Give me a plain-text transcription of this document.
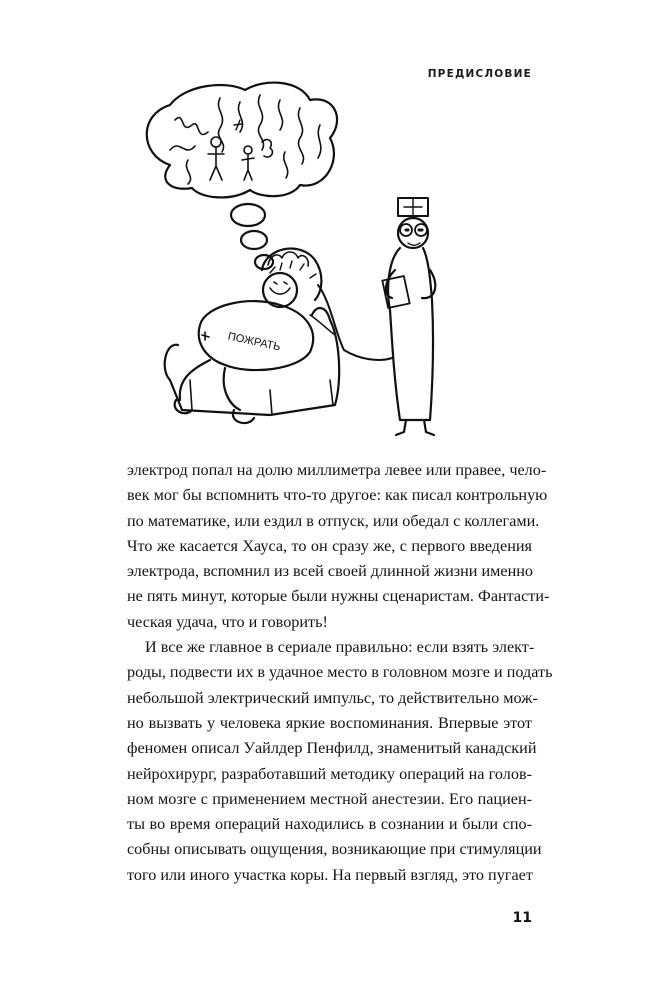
ПРЕДИСЛОВИЕ
ПОЖРАТЬ

электрод попал на долю миллиметра левее или правее, чело-
век мог бы вспомнить что-то другое: как писал контрольную
по математике, или ездил в отпуск, или обедал с коллегами.
Что же касается Хауса, то он сразу же, с первого введения
электрода, вспомнил из всей своей длинной жизни именно
не пять минут, которые были нужны сценаристам. Фантасти-
ческая удача, что и говорить!

И все же главное в сериале правильно: если взять элект-
роды, подвести их в удачное место в головном мозге и подать
небольшой электрический импульс, то действительно мож-
но вызвать у человека яркие воспоминания. Впервые этот
феномен описал Уайлдер Пенфилд, знаменитый канадский
нейрохирург, разработавший методику операций на голов-
ном мозге с применением местной анестезии. Его пациен-
ты во время операций находились в сознании и были спо-
собны описывать ощущения, возникающие при стимуляции
того или иного участка коры. На первый взгляд, это пугает

11
